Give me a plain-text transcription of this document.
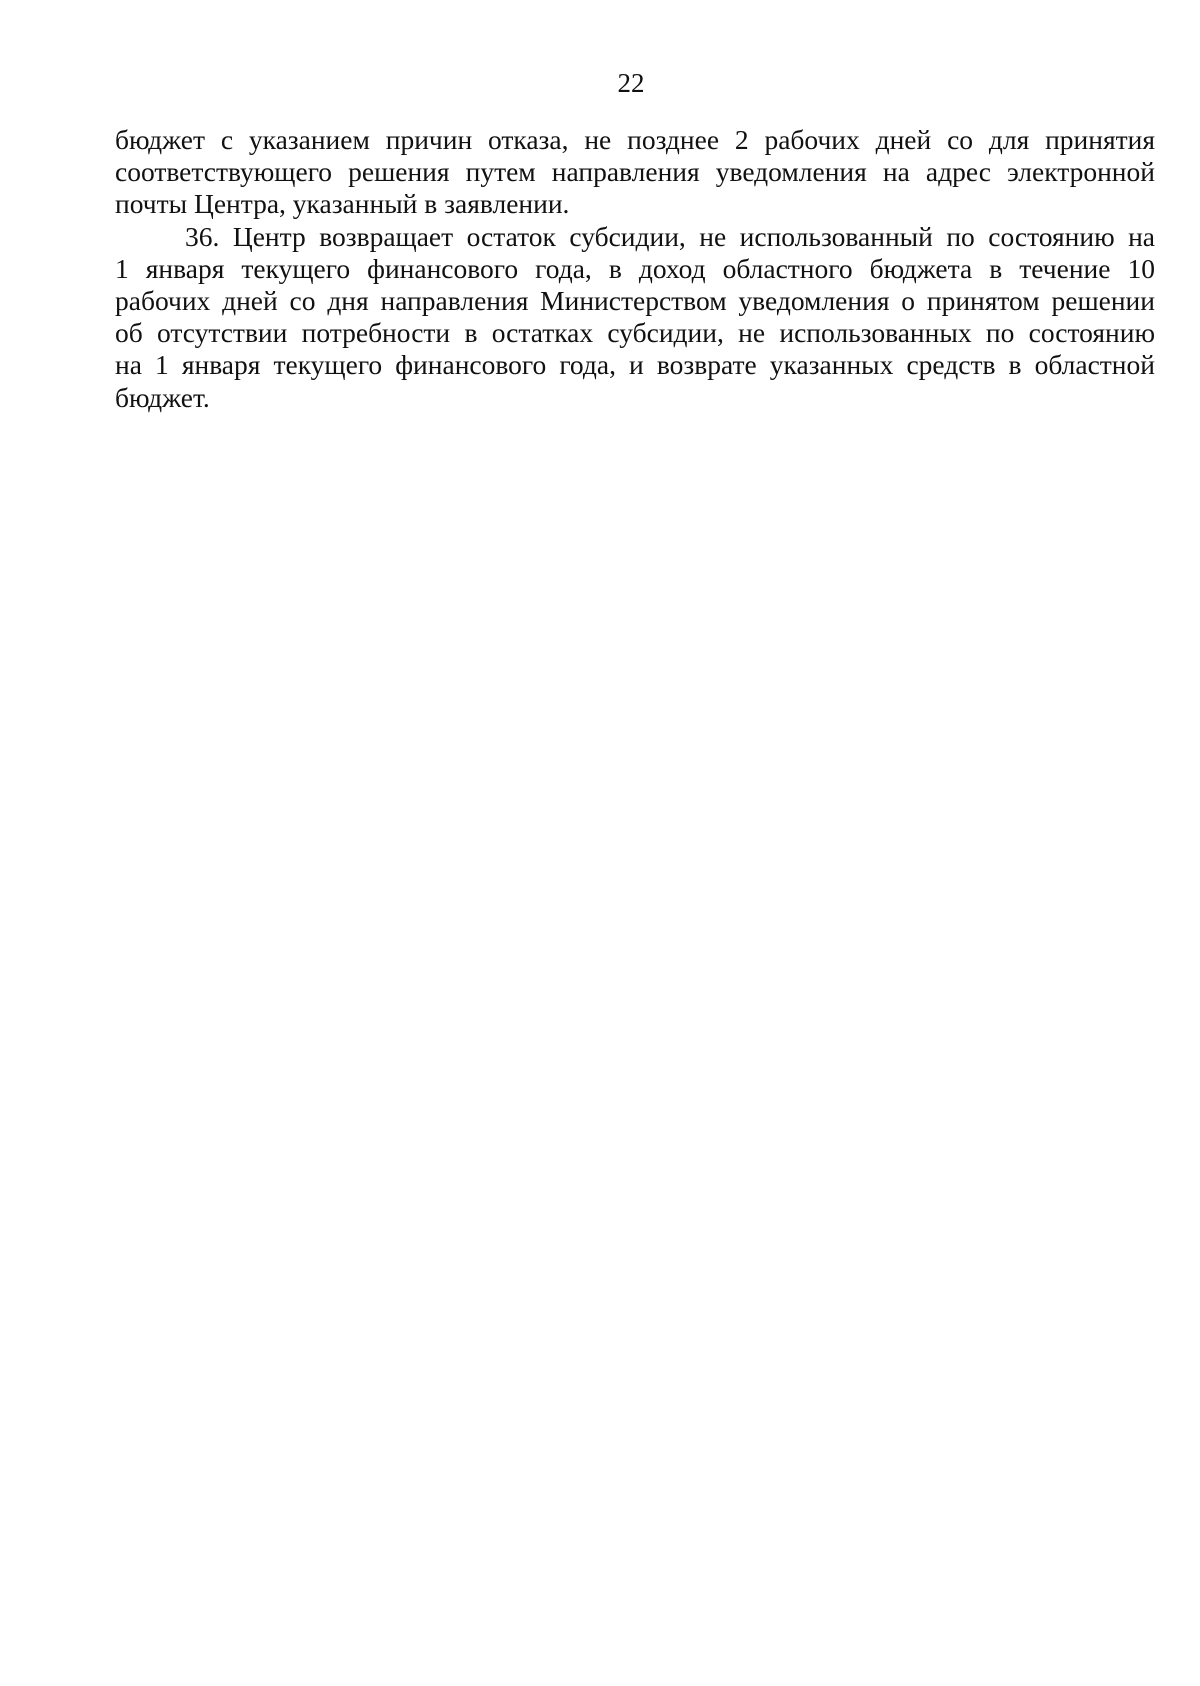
22
бюджет с указанием причин отказа, не позднее 2 рабочих дней со для принятия
соответствующего решения путем направления уведомления на адрес электронной
почты Центра, указанный в заявлении.
36. Центр возвращает остаток субсидии, не использованный по состоянию на
1 января текущего финансового года, в доход областного бюджета в течение 10
рабочих дней со дня направления Министерством уведомления о принятом решении
об отсутствии потребности в остатках субсидии, не использованных по состоянию
на 1 января текущего финансового года, и возврате указанных средств в областной
бюджет.
